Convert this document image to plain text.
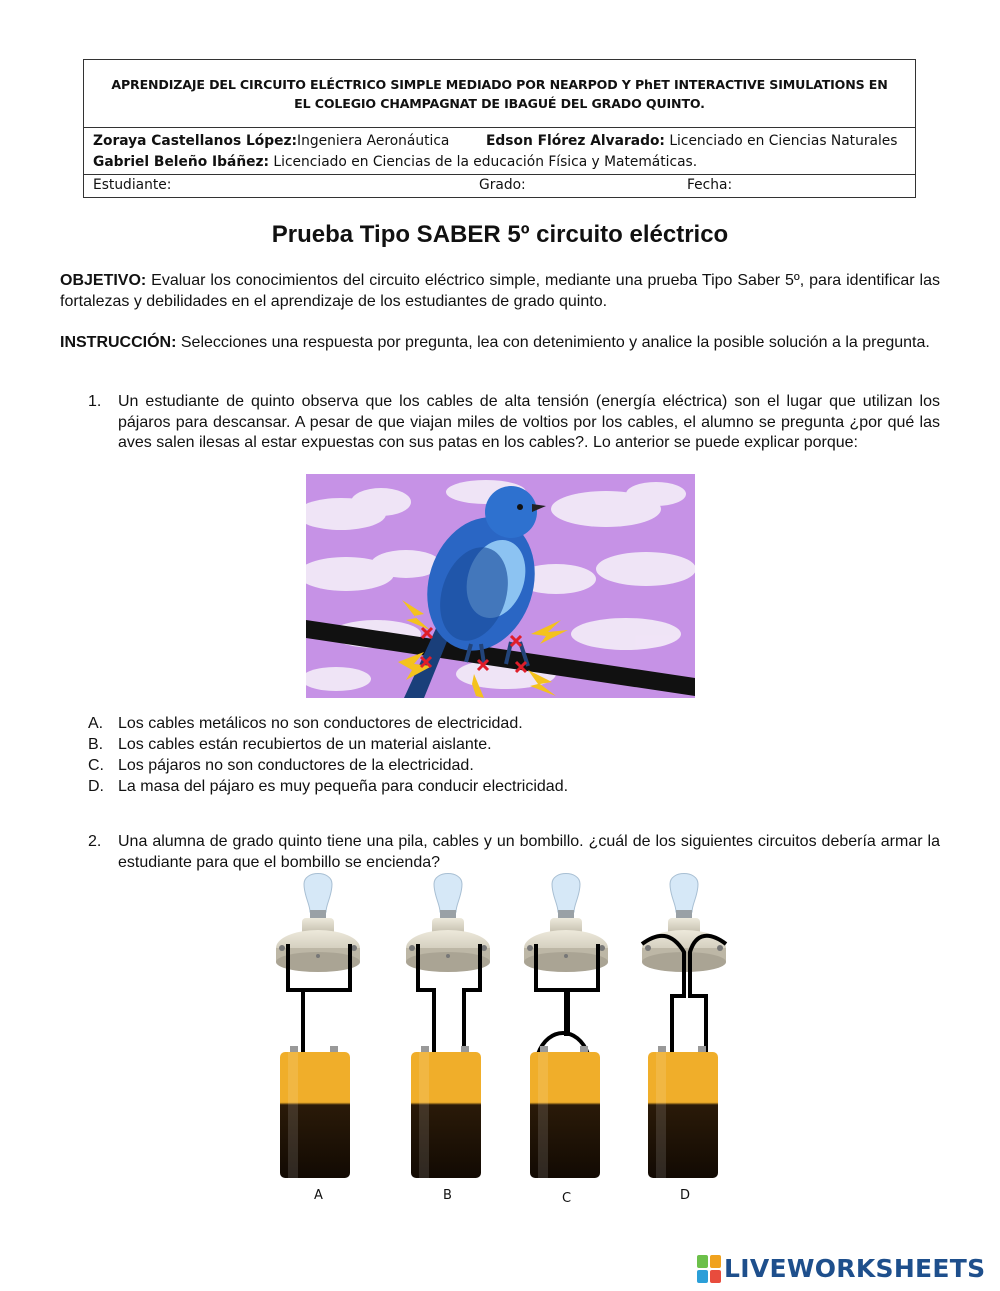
APRENDIZAJE DEL CIRCUITO ELÉCTRICO SIMPLE MEDIADO POR NEARPOD Y PhET INTERACTIVE SIMULATIONS EN EL COLEGIO CHAMPAGNAT DE IBAGUÉ DEL GRADO QUINTO.
Zoraya Castellanos López:Ingeniera Aeronáutica	Edson Flórez Alvarado: Licenciado en Ciencias Naturales
Gabriel Beleño Ibáñez: Licenciado en Ciencias de la educación Física y Matemáticas.
Estudiante:	Grado:	Fecha:
Prueba Tipo SABER 5º circuito eléctrico
OBJETIVO: Evaluar los conocimientos del circuito eléctrico simple, mediante una prueba Tipo Saber 5º, para identificar las fortalezas y debilidades en el aprendizaje de los estudiantes de grado quinto.
INSTRUCCIÓN: Selecciones una respuesta por pregunta, lea con detenimiento y analice la posible solución a la pregunta.
1. Un estudiante de quinto observa que los cables de alta tensión (energía eléctrica) son el lugar que utilizan los pájaros para descansar. A pesar de que viajan miles de voltios por los cables, el alumno se pregunta ¿por qué las aves salen ilesas al estar expuestas con sus patas en los cables?. Lo anterior se puede explicar porque:
A. Los cables metálicos no son conductores de electricidad.
B. Los cables están recubiertos de un material aislante.
C. Los pájaros no son conductores de la electricidad.
D. La masa del pájaro es muy pequeña para conducir electricidad.
2. Una alumna de grado quinto tiene una pila, cables y un bombillo. ¿cuál de los siguientes circuitos debería armar la estudiante para que el bombillo se encienda?
A	B	C	D
LIVEWORKSHEETS
